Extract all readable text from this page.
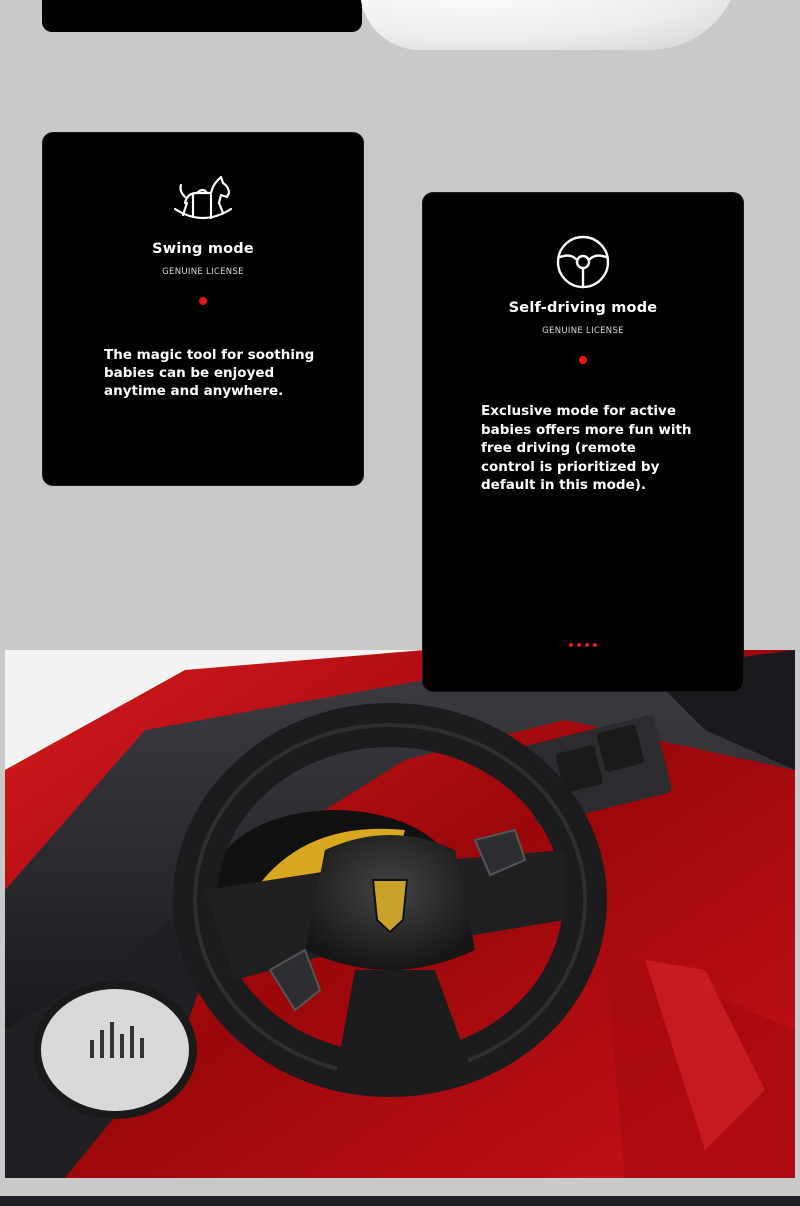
Swing mode
GENUINE LICENSE
The magic tool for soothing
babies can be enjoyed
anytime and anywhere.
Self-driving mode
GENUINE LICENSE
Exclusive mode for active
babies offers more fun with
free driving (remote
control is prioritized by
default in this mode).
